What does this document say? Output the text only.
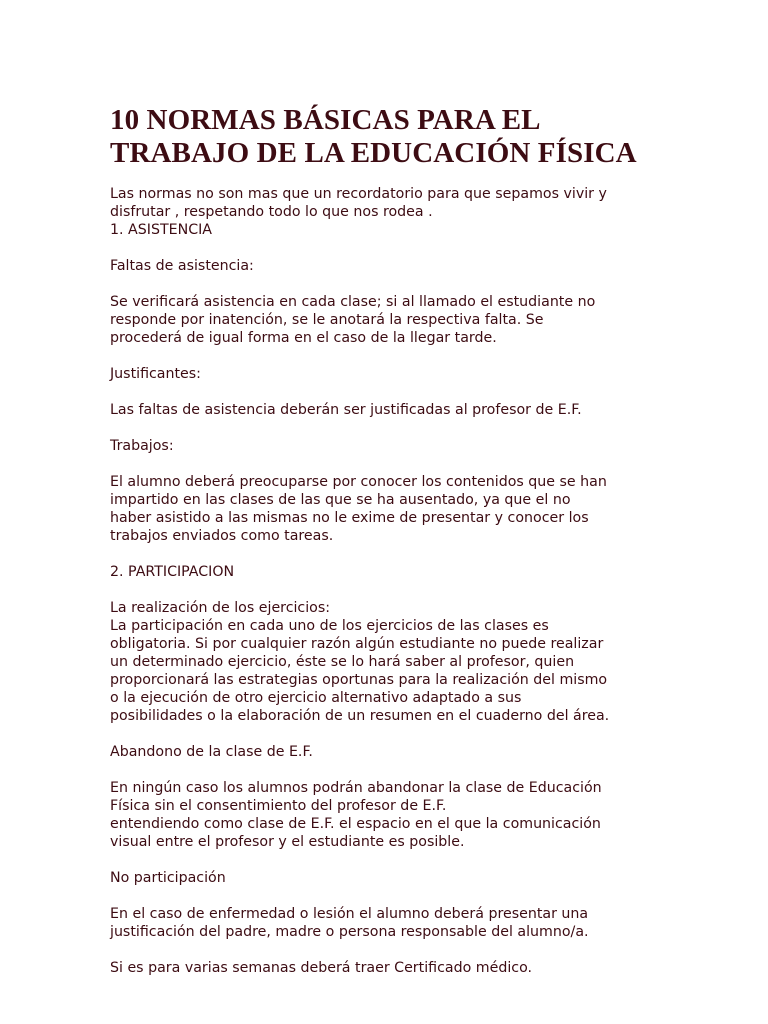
10 NORMAS BÁSICAS PARA EL TRABAJO DE LA EDUCACIÓN FÍSICA

Las normas no son mas que un recordatorio para que sepamos vivir y
disfrutar , respetando todo lo que nos rodea .
1. ASISTENCIA

Faltas de asistencia:

Se verificará asistencia en cada clase; si al llamado el estudiante no
responde por inatención, se le anotará la respectiva falta. Se
procederá de igual forma en el caso de la llegar tarde.

Justificantes:

Las faltas de asistencia deberán ser justificadas al profesor de E.F.

Trabajos:

El alumno deberá preocuparse por conocer los contenidos que se han
impartido en las clases de las que se ha ausentado, ya que el no
haber asistido a las mismas no le exime de presentar y conocer los
trabajos enviados como tareas.

2. PARTICIPACION

La realización de los ejercicios:
La participación en cada uno de los ejercicios de las clases es
obligatoria. Si por cualquier razón algún estudiante no puede realizar
un determinado ejercicio, éste se lo hará saber al profesor, quien
proporcionará las estrategias oportunas para la realización del mismo
o la ejecución de otro ejercicio alternativo adaptado a sus
posibilidades o la elaboración de un resumen en el cuaderno del área.

Abandono de la clase de E.F.

En ningún caso los alumnos podrán abandonar la clase de Educación
Física sin el consentimiento del profesor de E.F.
entendiendo como clase de E.F. el espacio en el que la comunicación
visual entre el profesor y el estudiante es posible.

No participación

En el caso de enfermedad o lesión el alumno deberá presentar una
justificación del padre, madre o persona responsable del alumno/a.

Si es para varias semanas deberá traer Certificado médico.
